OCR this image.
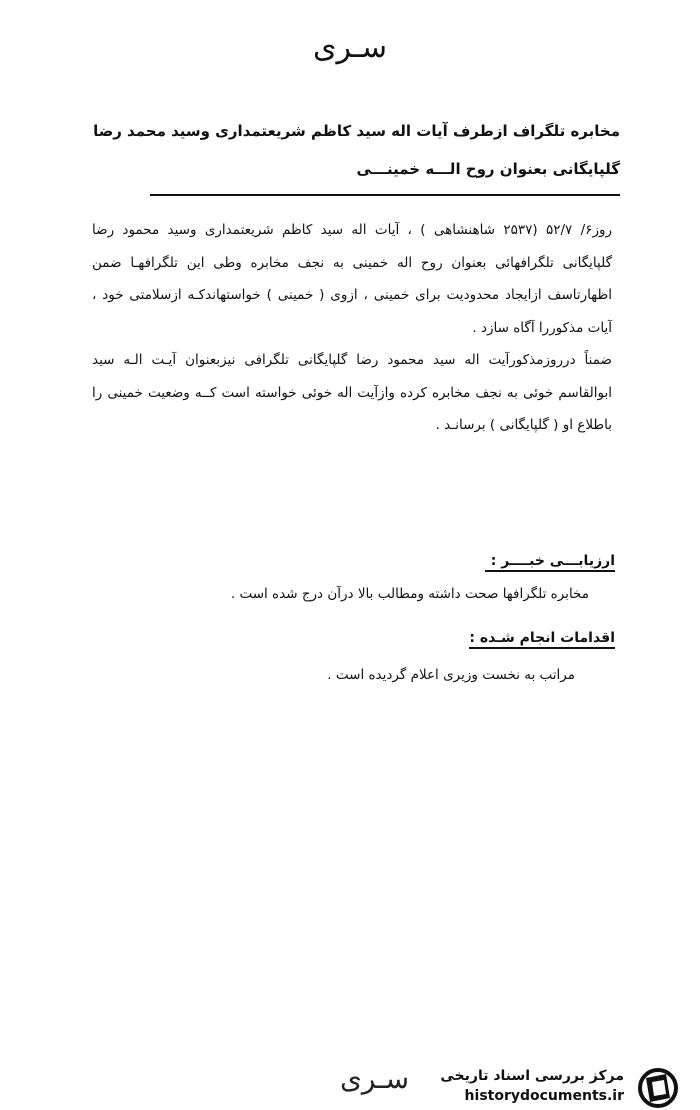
سـرى
مخابره تلگراف ازطرف آيات اله سيد كاظم شريعتمدارى وسيد محمد رضا
گلپايگانى بعنوان روح الـــه خمينـــى

روز۶/ ۵۲/۷ (۲۵۳۷ شاهنشاهى ) ، آيات اله سيد كاظم شريعتمدارى وسيد محمود رضا گلپايگانى تلگرافهائى بعنوان روح اله خمينى به نجف مخابره وطى اين تلگرافهـا ضمن اظهارتاسف ازايجاد محدوديت براى خمينى ، ازوى ( خمينى ) خواستهاندكـه ازسلامتى خود ، آيات مذكوررا آگاه سازد .

ضمناً درروزمذكورآيت اله سيد محمود رضا گلپايگانى تلگرافى نيزبعنوان آيـت الـه سيد ابوالقاسم خوئى به نجف مخابره كرده وازآيت اله خوئى خواسته است كــه وضعيت خمينى را باطلاع او ( گلپايگانى ) برسانـد .

ارزيابـــى خبــــر :
مخابره تلگرافها صحت داشته ومطالب بالا درآن درج شده است .
اقدامات انجام شـده :
مراتب به نخست وزيرى اعلام گرديده است .
سـرى مرکز بررسی اسناد تاریخی
historydocuments.ir
